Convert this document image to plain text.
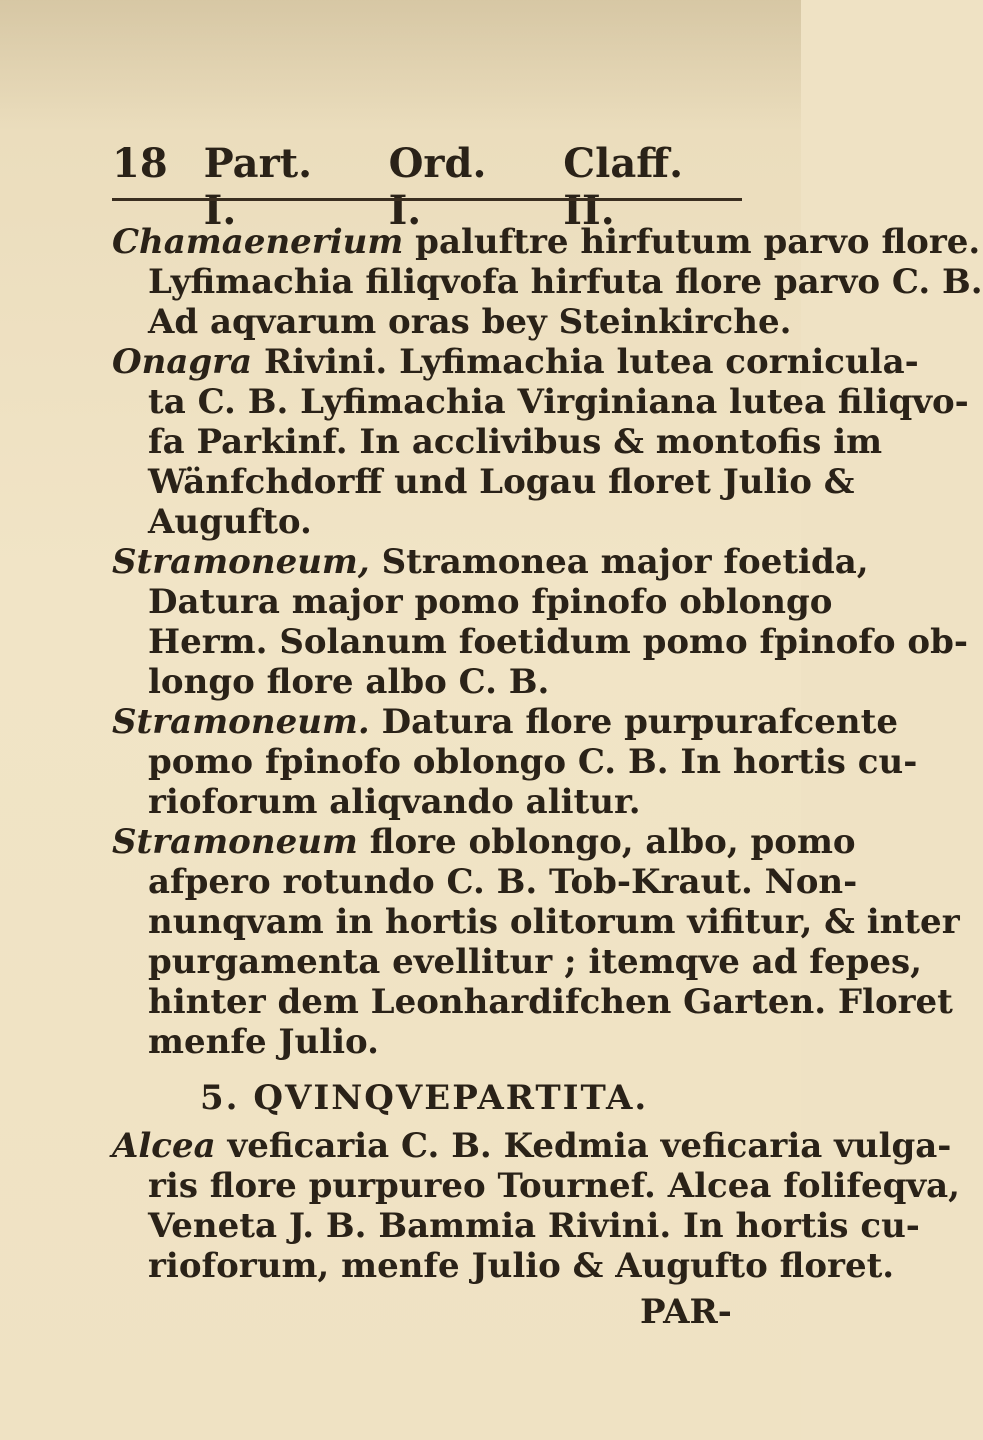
18 Part. I.
Ord. I.
Claff. II.
Chamaenerium paluftre hirfutum parvo flore.
Lyfimachia filiqvofa hirfuta flore parvo C. B.
Ad aqvarum oras bey Steinkirche.
Onagra Rivini. Lyfimachia lutea cornicula-
ta C. B. Lyfimachia Virginiana lutea filiqvo-
fa Parkinf. In acclivibus & montofis im
Wänfchdorff und Logau floret Julio &
Augufto.
Stramoneum, Stramonea major foetida,
Datura major pomo fpinofo oblongo
Herm. Solanum foetidum pomo fpinofo ob-
longo flore albo C. B.
Stramoneum. Datura flore purpurafcente
pomo fpinofo oblongo C. B. In hortis cu-
rioforum aliqvando alitur.
Stramoneum flore oblongo, albo, pomo
afpero rotundo C. B. Tob-Kraut. Non-
nunqvam in hortis olitorum vifitur, & inter
purgamenta evellitur ; itemqve ad fepes,
hinter dem Leonhardifchen Garten. Floret
menfe Julio.
5. QVINQVEPARTITA.
Alcea veficaria C. B. Kedmia veficaria vulga-
ris flore purpureo Tournef. Alcea folifeqva,
Veneta J. B. Bammia Rivini. In hortis cu-
rioforum, menfe Julio & Augufto floret.
PAR-
